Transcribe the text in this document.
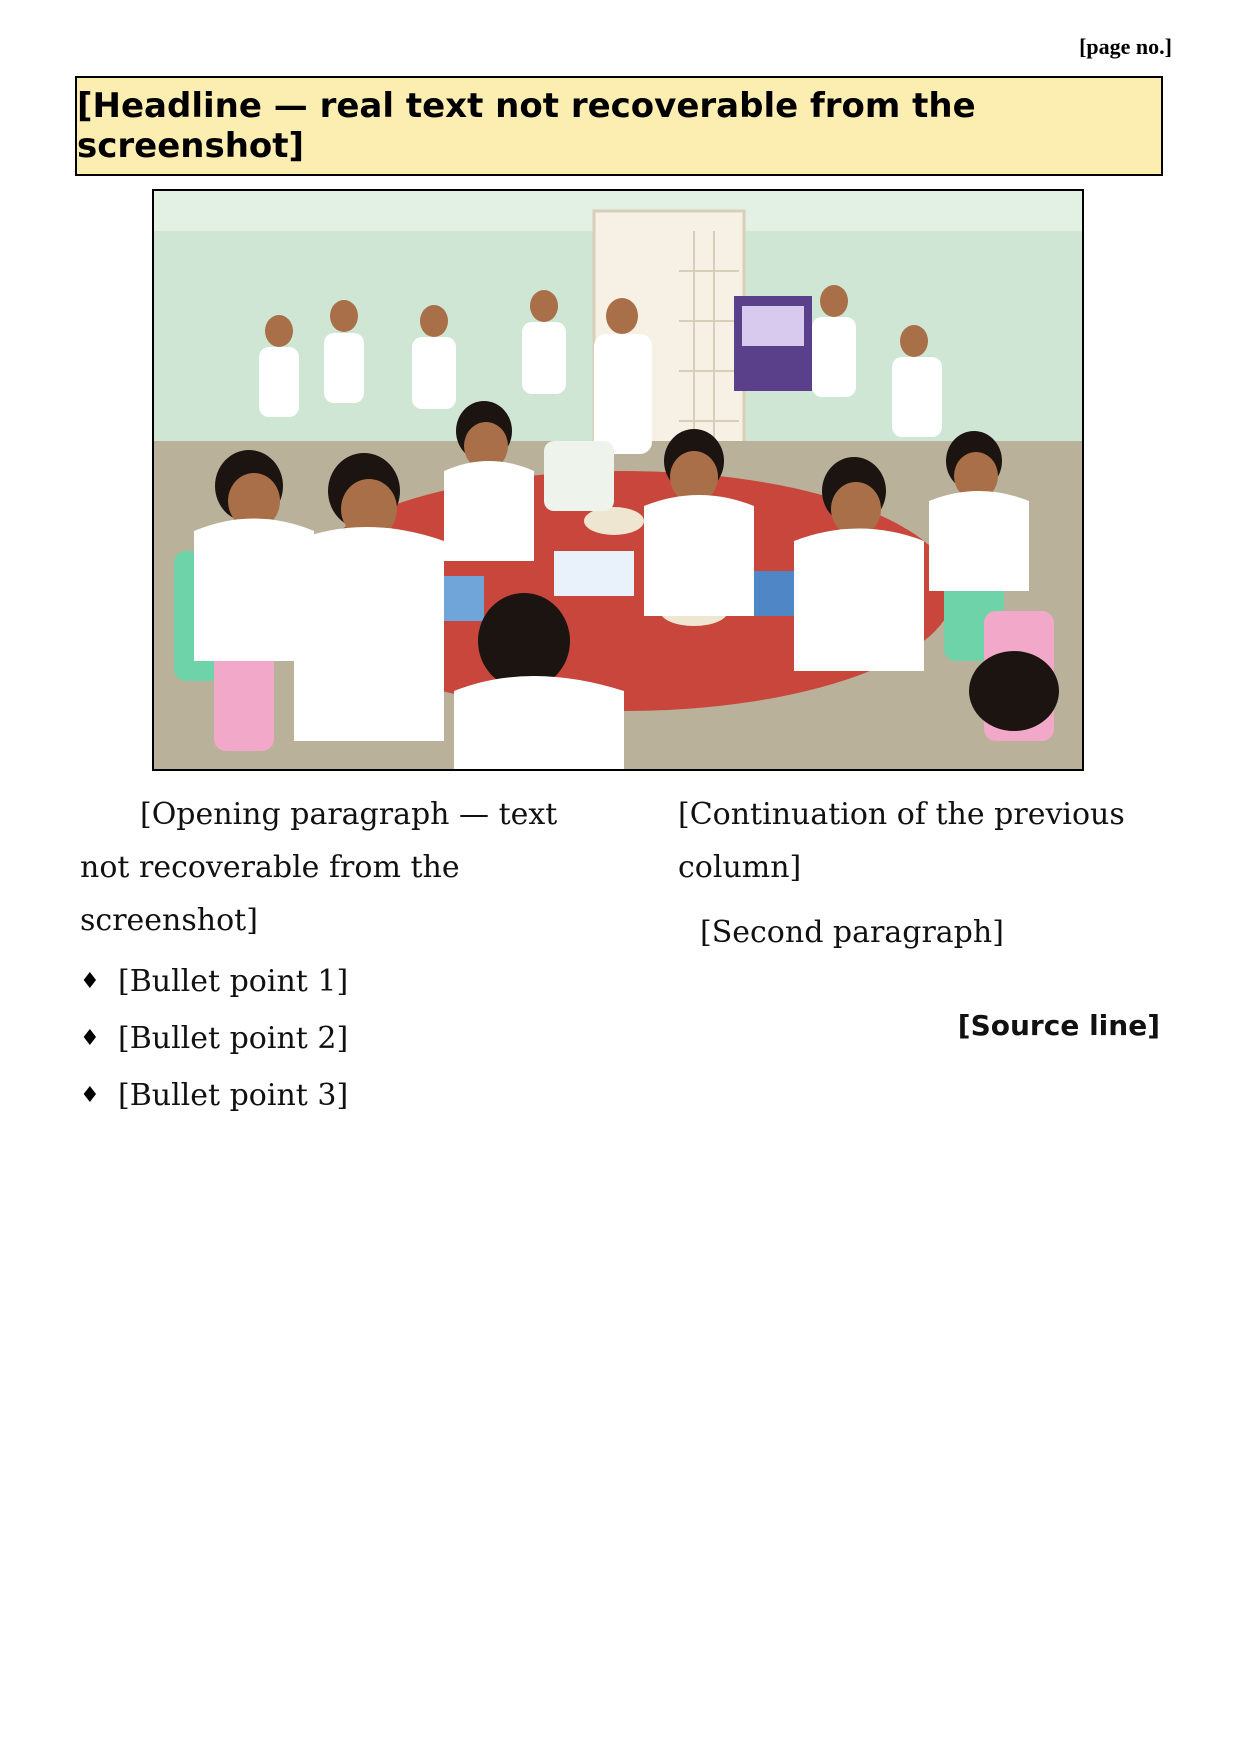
[page no.]
[Headline — real text not recoverable from the screenshot]

[Opening paragraph — text not recoverable from the screenshot]

♦ [Bullet point 1]
♦ [Bullet point 2]
♦ [Bullet point 3]

[Continuation of the previous column]

[Second paragraph]

[Source line]
